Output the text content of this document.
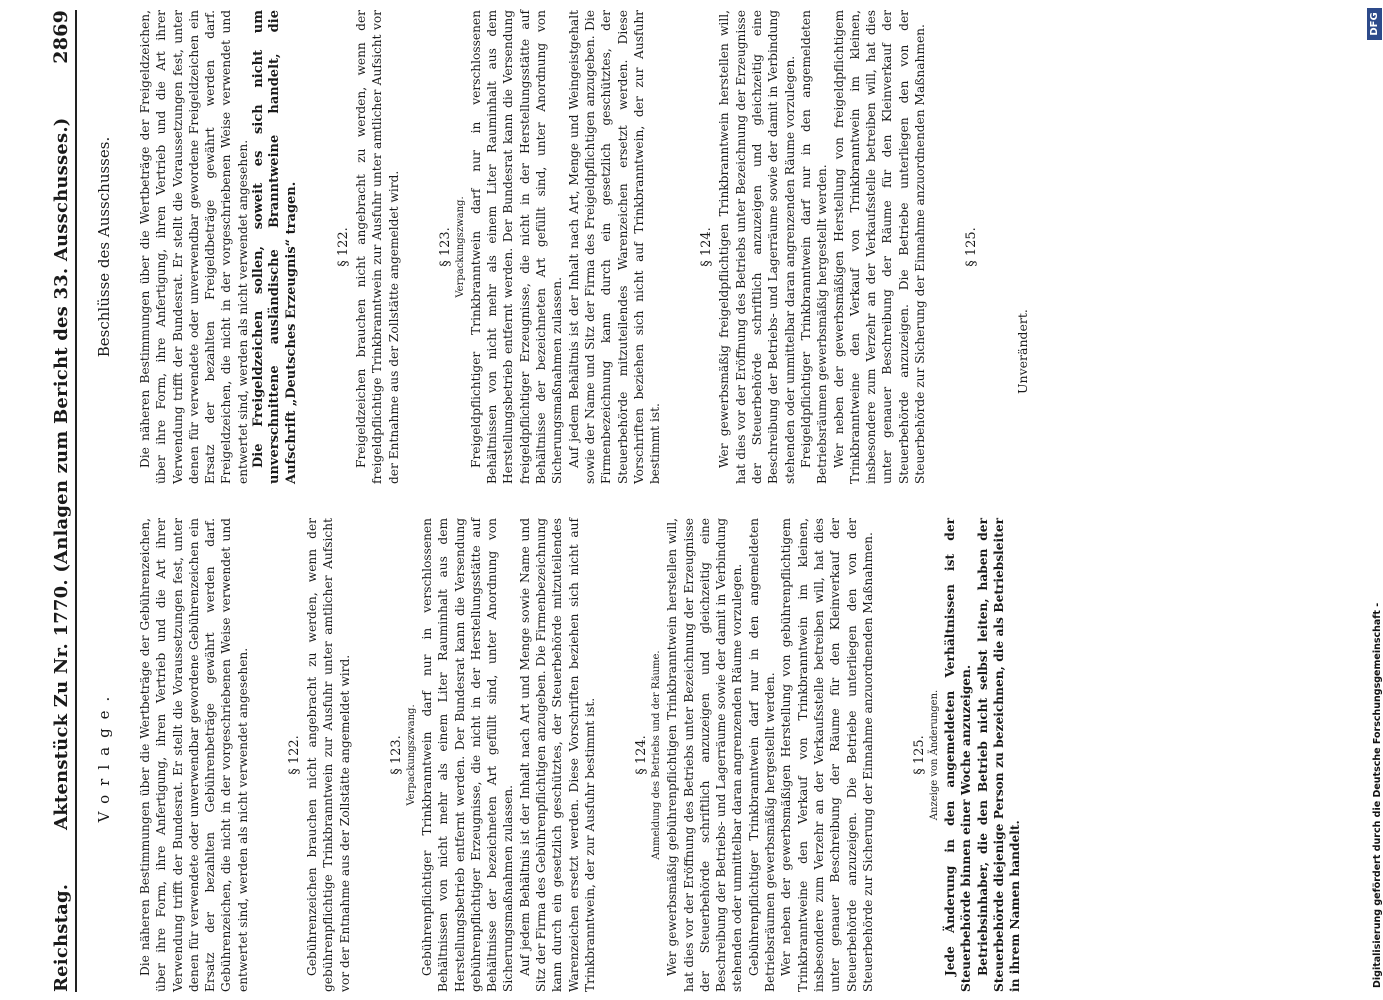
Reichstag.
Aktenstück Zu Nr. 1770. (Anlagen zum Bericht des 33. Ausschusses.)
2869
Vorlage. Die näheren Bestimmungen über die Wertbeträge der Gebührenzeichen, über ihre Form, ihre Anfertigung, ihren Vertrieb und die Art ihrer Verwendung trifft der Bundesrat. Er stellt die Voraussetzungen fest, unter denen für verwendete oder unverwendbar gewordene Gebührenzeichen ein Ersatz der bezahlten Gebührenbeträge gewährt werden darf. Gebührenzeichen, die nicht in der vorgeschriebenen Weise verwendet und entwertet sind, werden als nicht verwendet angesehen.	§ 122. Gebührenzeichen brauchen nicht angebracht zu werden, wenn der gebührenpflichtige Trinkbranntwein zur Ausfuhr unter amtlicher Aufsicht vor der Entnahme aus der Zollstätte angemeldet wird.	§ 123. Verpackungszwang. Gebührenpflichtiger Trinkbranntwein darf nur in verschlossenen Behältnissen von nicht mehr als einem Liter Rauminhalt aus dem Herstellungsbetrieb entfernt werden. Der Bundesrat kann die Versendung gebührenpflichtiger Erzeugnisse, die nicht in der Herstellungsstätte auf Behältnisse der bezeichneten Art gefüllt sind, unter Anordnung von Sicherungsmaßnahmen zulassen. Auf jedem Behältnis ist der Inhalt nach Art und Menge sowie Name und Sitz der Firma des Gebührenpflichtigen anzugeben. Die Firmenbezeichnung kann durch ein gesetzlich geschütztes, der Steuerbehörde mitzuteilendes Warenzeichen ersetzt werden. Diese Vorschriften beziehen sich nicht auf Trinkbranntwein, der zur Ausfuhr bestimmt ist.	§ 124. Anmeldung des Betriebs und der Räume. Wer gewerbsmäßig gebührenpflichtigen Trinkbranntwein herstellen will, hat dies vor der Eröffnung des Betriebs unter Bezeichnung der Erzeugnisse der Steuerbehörde schriftlich anzuzeigen und gleichzeitig eine Beschreibung der Betriebs- und Lagerräume sowie der damit in Verbindung stehenden oder unmittelbar daran angrenzenden Räume vorzulegen. Gebührenpflichtiger Trinkbranntwein darf nur in den angemeldeten Betriebsräumen gewerbsmäßig hergestellt werden. Wer neben der gewerbsmäßigen Herstellung von gebührenpflichtigem Trinkbranntweine den Verkauf von Trinkbranntwein im kleinen, insbesondere zum Verzehr an der Verkaufsstelle betreiben will, hat dies unter genauer Beschreibung der Räume für den Kleinverkauf der Steuerbehörde anzuzeigen. Die Betriebe unterliegen den von der Steuerbehörde zur Sicherung der Einnahme anzuordnenden Maßnahmen.	§ 125. Anzeige von Änderungen. Jede Änderung in den angemeldeten Verhältnissen ist der Steuerbehörde binnen einer Woche anzuzeigen. Betriebsinhaber, die den Betrieb nicht selbst leiten, haben der Steuerbehörde diejenige Person zu bezeichnen, die als Betriebsleiter in ihrem Namen handelt.

Beschlüsse des Ausschusses. Die näheren Bestimmungen über die Wertbeträge der Freigeldzeichen, über ihre Form, ihre Anfertigung, ihren Vertrieb und die Art ihrer Verwendung trifft der Bundesrat. Er stellt die Voraussetzungen fest, unter denen für verwendete oder unverwendbar gewordene Freigeldzeichen ein Ersatz der bezahlten Freigeldbeträge gewährt werden darf. Freigeldzeichen, die nicht in der vorgeschriebenen Weise verwendet und entwertet sind, werden als nicht verwendet angesehen. Die Freigeldzeichen sollen, soweit es sich nicht um unverschnittene ausländische Branntweine handelt, die Aufschrift „Deutsches Erzeugnis“ tragen.	§ 122. Freigeldzeichen brauchen nicht angebracht zu werden, wenn der freigeldpflichtige Trinkbranntwein zur Ausfuhr unter amtlicher Aufsicht vor der Entnahme aus der Zollstätte angemeldet wird.	§ 123. Verpackungszwang. Freigeldpflichtiger Trinkbranntwein darf nur in verschlossenen Behältnissen von nicht mehr als einem Liter Rauminhalt aus dem Herstellungsbetrieb entfernt werden. Der Bundesrat kann die Versendung freigeldpflichtiger Erzeugnisse, die nicht in der Herstellungsstätte auf Behältnisse der bezeichneten Art gefüllt sind, unter Anordnung von Sicherungsmaßnahmen zulassen. Auf jedem Behältnis ist der Inhalt nach Art, Menge und Weingeistgehalt sowie der Name und Sitz der Firma des Freigeldpflichtigen anzugeben. Die Firmenbezeichnung kann durch ein gesetzlich geschütztes, der Steuerbehörde mitzuteilendes Warenzeichen ersetzt werden. Diese Vorschriften beziehen sich nicht auf Trinkbranntwein, der zur Ausfuhr bestimmt ist.

§ 124. Wer gewerbsmäßig freigeldpflichtigen Trinkbranntwein herstellen will, hat dies vor der Eröffnung des Betriebs unter Bezeichnung der Erzeugnisse der Steuerbehörde schriftlich anzuzeigen und gleichzeitig eine Beschreibung der Betriebs- und Lagerräume sowie der damit in Verbindung stehenden oder unmittelbar daran angrenzenden Räume vorzulegen. Freigeldpflichtiger Trinkbranntwein darf nur in den angemeldeten Betriebsräumen gewerbsmäßig hergestellt werden. Wer neben der gewerbsmäßigen Herstellung von freigeldpflichtigem Trinkbranntweine den Verkauf von Trinkbranntwein im kleinen, insbesondere zum Verzehr an der Verkaufsstelle betreiben will, hat dies unter genauer Beschreibung der Räume für den Kleinverkauf der Steuerbehörde anzuzeigen. Die Betriebe unterliegen den von der Steuerbehörde zur Sicherung der Einnahme anzuordnenden Maßnahmen.	§ 125.
Unverändert.
Digitalisierung gefördert durch die Deutsche Forschungsgemeinschaft -
DFG
